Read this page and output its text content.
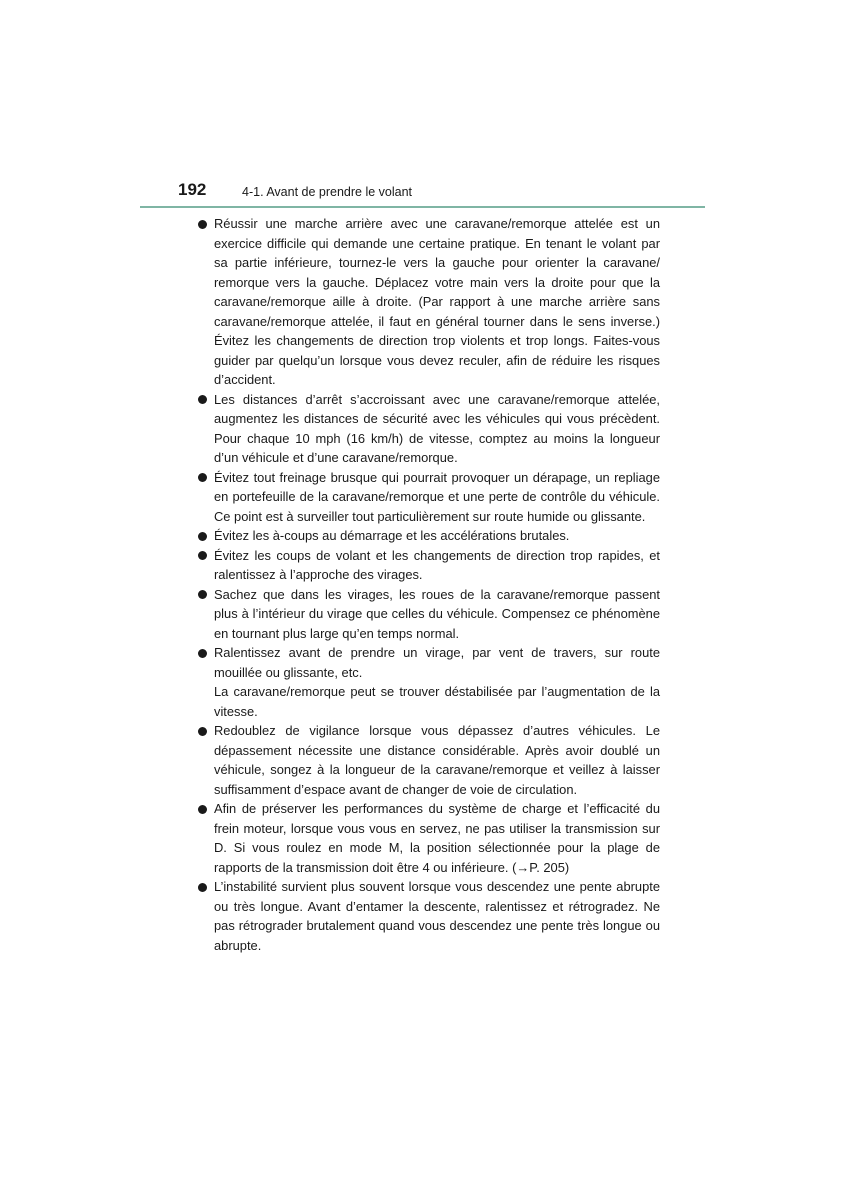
192	4-1. Avant de prendre le volant
Réussir une marche arrière avec une caravane/remorque attelée est un exercice difficile qui demande une certaine pratique. En tenant le volant par sa partie inférieure, tournez-le vers la gauche pour orienter la caravane/ remorque vers la gauche. Déplacez votre main vers la droite pour que la caravane/remorque aille à droite. (Par rapport à une marche arrière sans caravane/remorque attelée, il faut en général tourner dans le sens inverse.) Évitez les changements de direction trop violents et trop longs. Faites-vous guider par quelqu’un lorsque vous devez reculer, afin de réduire les risques d’accident.
Les distances d’arrêt s’accroissant avec une caravane/remorque attelée, augmentez les distances de sécurité avec les véhicules qui vous précèdent. Pour chaque 10 mph (16 km/h) de vitesse, comptez au moins la longueur d’un véhicule et d’une caravane/remorque.
Évitez tout freinage brusque qui pourrait provoquer un dérapage, un repliage en portefeuille de la caravane/remorque et une perte de contrôle du véhicule. Ce point est à surveiller tout particulièrement sur route humide ou glissante.
Évitez les à-coups au démarrage et les accélérations brutales.
Évitez les coups de volant et les changements de direction trop rapides, et ralentissez à l’approche des virages.
Sachez que dans les virages, les roues de la caravane/remorque passent plus à l’intérieur du virage que celles du véhicule. Compensez ce phénomène en tournant plus large qu’en temps normal.
Ralentissez avant de prendre un virage, par vent de travers, sur route mouillée ou glissante, etc.
La caravane/remorque peut se trouver déstabilisée par l’augmentation de la vitesse.
Redoublez de vigilance lorsque vous dépassez d’autres véhicules. Le dépassement nécessite une distance considérable. Après avoir doublé un véhicule, songez à la longueur de la caravane/remorque et veillez à laisser suffisamment d’espace avant de changer de voie de circulation.
Afin de préserver les performances du système de charge et l’efficacité du frein moteur, lorsque vous vous en servez, ne pas utiliser la transmission sur D. Si vous roulez en mode M, la position sélectionnée pour la plage de rapports de la transmission doit être 4 ou inférieure. (→P. 205)
L’instabilité survient plus souvent lorsque vous descendez une pente abrupte ou très longue. Avant d’entamer la descente, ralentissez et rétrogradez. Ne pas rétrograder brutalement quand vous descendez une pente très longue ou abrupte.
